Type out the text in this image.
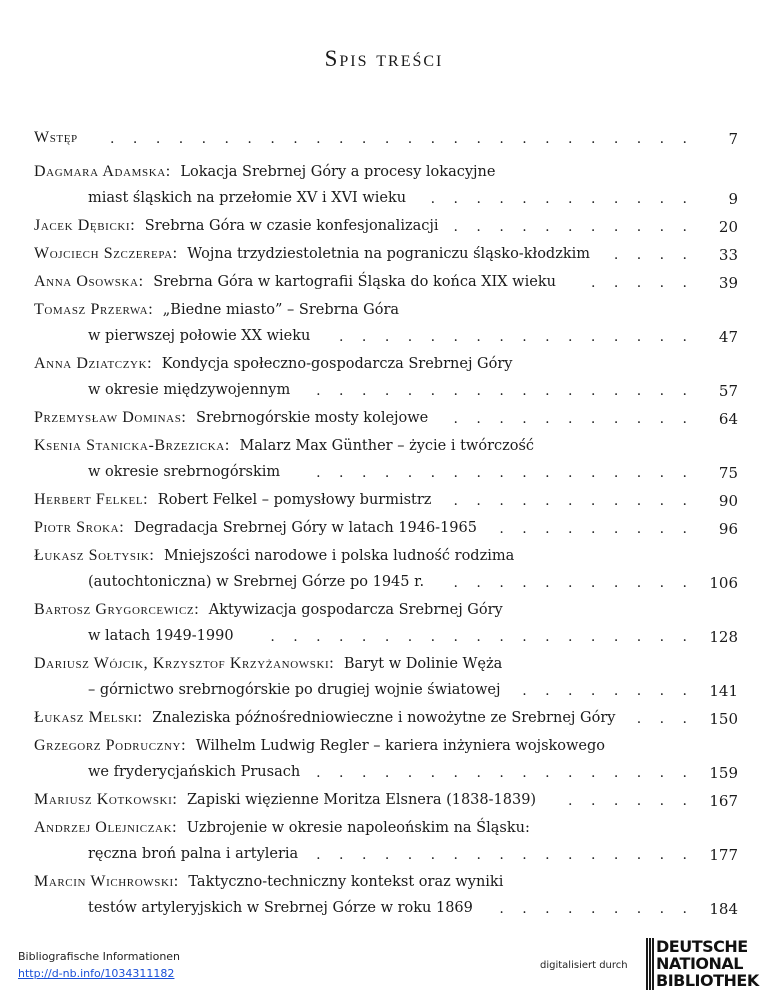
Spis treści
Wstęp	. . . . . . . . . . . . . . . . . . . . . . . . . .	7
Dagmara Adamska: Lokacja Srebrnej Góry a procesy lokacyjne
miast śląskich na przełomie XV i XVI wieku	. . . . . . . . . . . .	9
Jacek Dębicki: Srebrna Góra w czasie konfesjonalizacji	. . . . . . . . . . .	20
Wojciech Szczerepa: Wojna trzydziestoletnia na pograniczu śląsko-kłodzkim	. . . .	33
Anna Osowska: Srebrna Góra w kartografii Śląska do końca XIX wieku	. . . . .	39
Tomasz Przerwa: „Biedne miasto” – Srebrna Góra
w pierwszej połowie XX wieku	. . . . . . . . . . . . . . . .	47
Anna Dziatczyk: Kondycja społeczno-gospodarcza Srebrnej Góry
w okresie międzywojennym	. . . . . . . . . . . . . . . . .	57
Przemysław Dominas: Srebrnogórskie mosty kolejowe	. . . . . . . . . . .	64
Ksenia Stanicka-Brzezicka: Malarz Max Günther – życie i twórczość
w okresie srebrnogórskim	. . . . . . . . . . . . . . . . .	75
Herbert Felkel: Robert Felkel – pomysłowy burmistrz	. . . . . . . . . . .	90
Piotr Sroka: Degradacja Srebrnej Góry w latach 1946-1965	. . . . . . . . .	96
Łukasz Sołtysik: Mniejszości narodowe i polska ludność rodzima
(autochtoniczna) w Srebrnej Górze po 1945 r.	. . . . . . . . . . .	106
Bartosz Grygorcewicz: Aktywizacja gospodarcza Srebrnej Góry
w latach 1949-1990	. . . . . . . . . . . . . . . . . . .	128
Dariusz Wójcik, Krzysztof Krzyżanowski: Baryt w Dolinie Węża
– górnictwo srebrnogórskie po drugiej wojnie światowej	. . . . . . . .	141
Łukasz Melski: Znaleziska późnośredniowieczne i nowożytne ze Srebrnej Góry	. . .	150
Grzegorz Podruczny: Wilhelm Ludwig Regler – kariera inżyniera wojskowego
we fryderycjańskich Prusach	. . . . . . . . . . . . . . . . .	159
Mariusz Kotkowski: Zapiski więzienne Moritza Elsnera (1838-1839)	. . . . . .	167
Andrzej Olejniczak: Uzbrojenie w okresie napoleońskim na Śląsku:
ręczna broń palna i artyleria	. . . . . . . . . . . . . . . . .	177
Marcin Wichrowski: Taktyczno-techniczny kontekst oraz wyniki
testów artyleryjskich w Srebrnej Górze w roku 1869	. . . . . . . . .	184
Bibliografische Informationen
http://d-nb.info/1034311182
digitalisiert durch
DEUTSCHE
NATIONAL
BIBLIOTHEK
